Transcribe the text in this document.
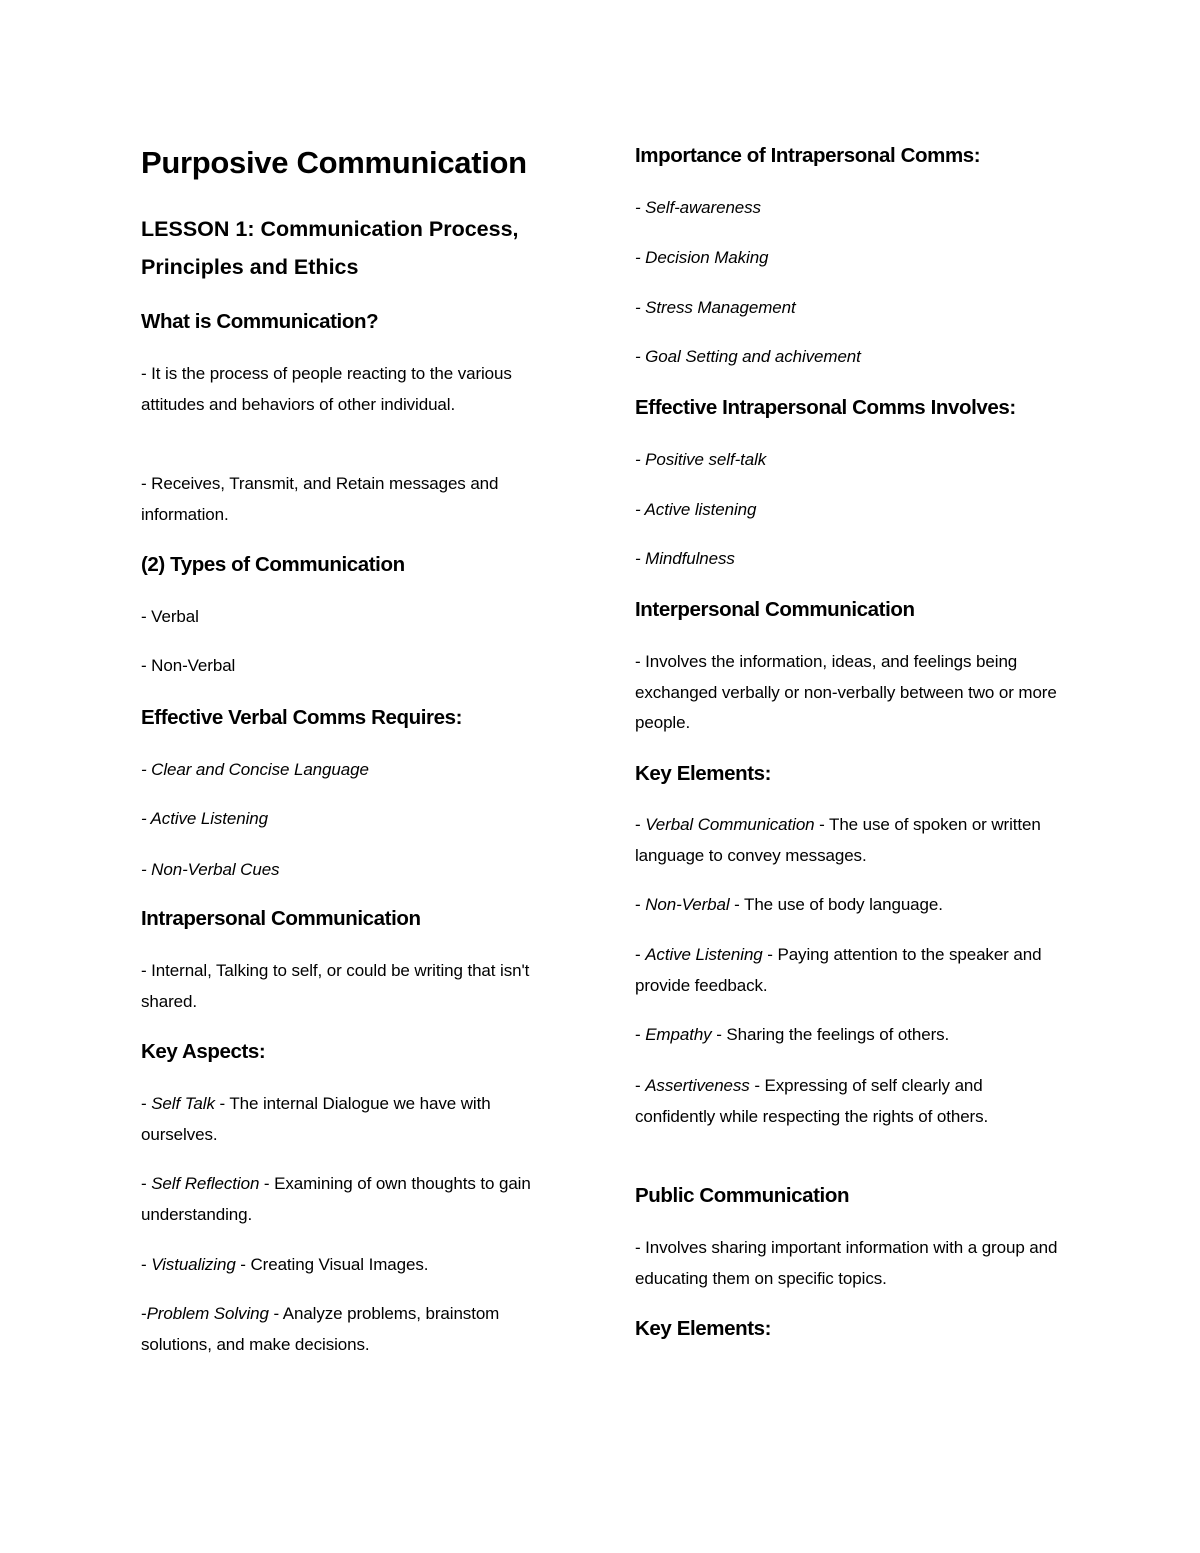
Purposive Communication
LESSON 1: Communication Process, Principles and Ethics
What is Communication?

- It is the process of people reacting to the various attitudes and behaviors of other individual.

- Receives, Transmit, and Retain messages and information.

(2) Types of Communication

- Verbal

- Non-Verbal

Effective Verbal Comms Requires:

- Clear and Concise Language

- Active Listening

- Non-Verbal Cues

Intrapersonal Communication

- Internal, Talking to self, or could be writing that isn't shared.

Key Aspects:

- Self Talk - The internal Dialogue we have with ourselves.

- Self Reflection - Examining of own thoughts to gain understanding.

- Vistualizing - Creating Visual Images.

-Problem Solving - Analyze problems, brainstom solutions, and make decisions.

Importance of Intrapersonal Comms:

- Self-awareness

- Decision Making

- Stress Management

- Goal Setting and achivement

Effective Intrapersonal Comms Involves:

- Positive self-talk

- Active listening

- Mindfulness

Interpersonal Communication

- Involves the information, ideas, and feelings being exchanged verbally or non-verbally between two or more people.

Key Elements:

- Verbal Communication - The use of spoken or written language to convey messages.

- Non-Verbal - The use of body language.

- Active Listening - Paying attention to the speaker and provide feedback.

- Empathy - Sharing the feelings of others.

- Assertiveness - Expressing of self clearly and confidently while respecting the rights of others.

Public Communication

- Involves sharing important information with a group and educating them on specific topics.

Key Elements:
